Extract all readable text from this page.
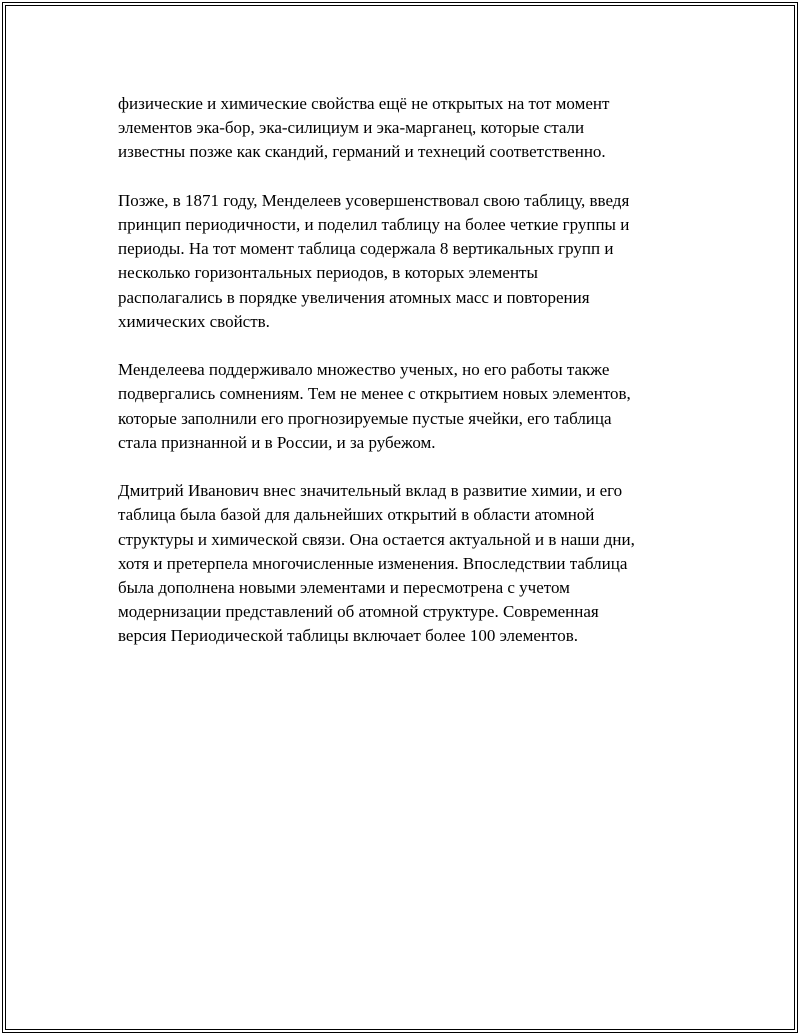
физические и химические свойства ещё не открытых на тот момент
элементов эка-бор, эка-силициум и эка-марганец, которые стали
известны позже как скандий, германий и технеций соответственно.

Позже, в 1871 году, Менделеев усовершенствовал свою таблицу, введя
принцип периодичности, и поделил таблицу на более четкие группы и
периоды. На тот момент таблица содержала 8 вертикальных групп и
несколько горизонтальных периодов, в которых элементы
располагались в порядке увеличения атомных масс и повторения
химических свойств.

Менделеева поддерживало множество ученых, но его работы также
подвергались сомнениям. Тем не менее с открытием новых элементов,
которые заполнили его прогнозируемые пустые ячейки, его таблица
стала признанной и в России, и за рубежом.

Дмитрий Иванович внес значительный вклад в развитие химии, и его
таблица была базой для дальнейших открытий в области атомной
структуры и химической связи. Она остается актуальной и в наши дни,
хотя и претерпела многочисленные изменения. Впоследствии таблица
была дополнена новыми элементами и пересмотрена с учетом
модернизации представлений об атомной структуре. Современная
версия Периодической таблицы включает более 100 элементов.
